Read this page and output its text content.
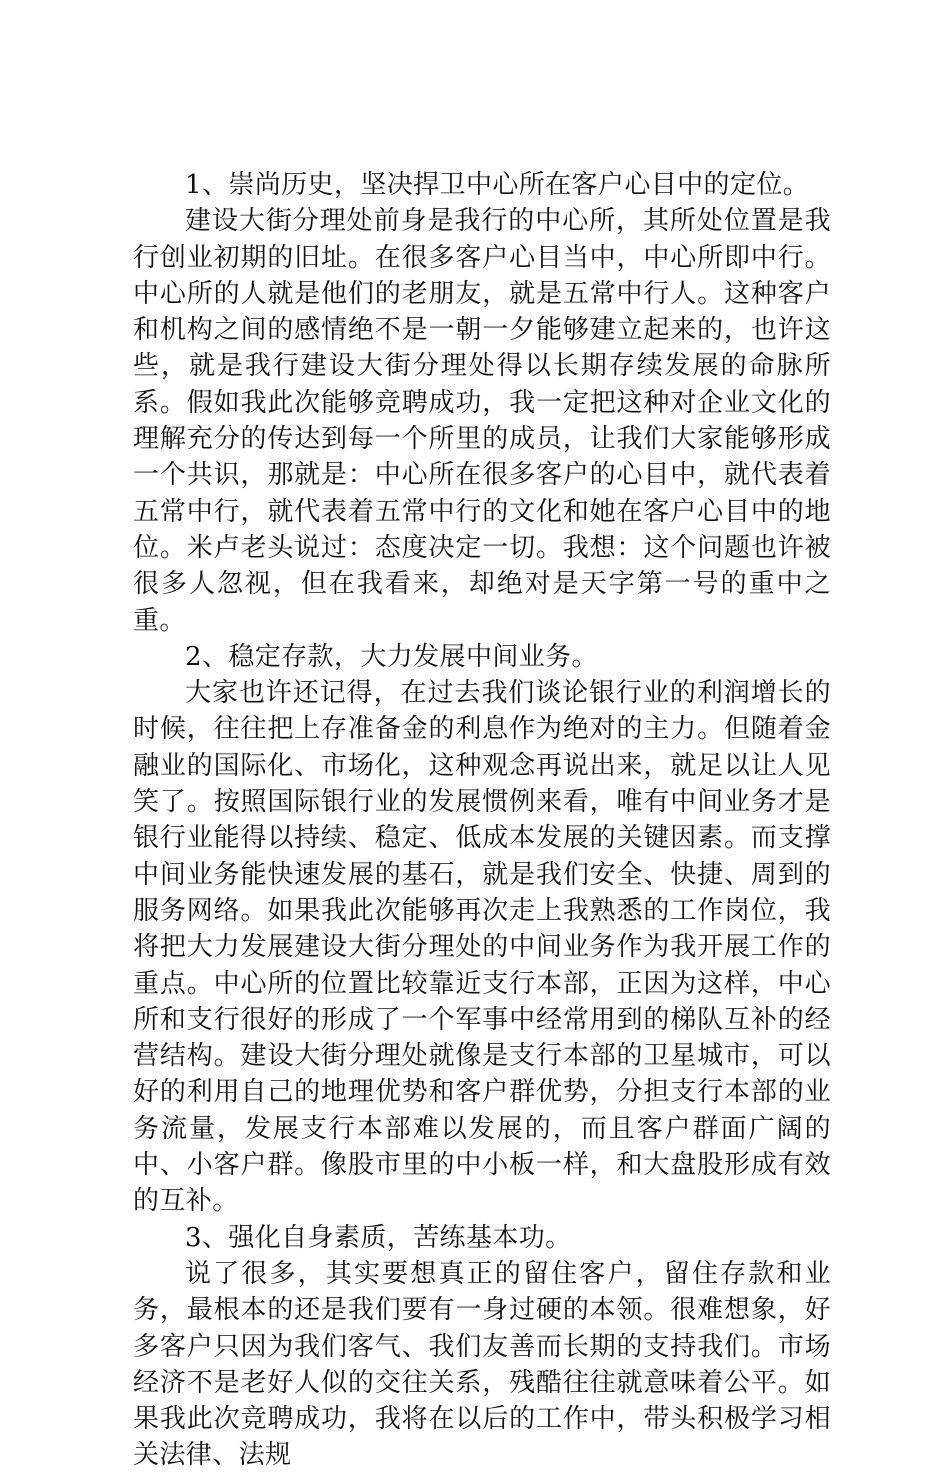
1、崇尚历史，坚决捍卫中心所在客户心目中的定位。

建设大街分理处前身是我行的中心所，其所处位置是我行创业初期的旧址。在很多客户心目当中，中心所即中行。中心所的人就是他们的老朋友，就是五常中行人。这种客户和机构之间的感情绝不是一朝一夕能够建立起来的，也许这些，就是我行建设大街分理处得以长期存续发展的命脉所系。假如我此次能够竞聘成功，我一定把这种对企业文化的理解充分的传达到每一个所里的成员，让我们大家能够形成一个共识，那就是：中心所在很多客户的心目中，就代表着五常中行，就代表着五常中行的文化和她在客户心目中的地位。米卢老头说过：态度决定一切。我想：这个问题也许被很多人忽视，但在我看来，却绝对是天字第一号的重中之重。

2、稳定存款，大力发展中间业务。

大家也许还记得，在过去我们谈论银行业的利润增长的时候，往往把上存准备金的利息作为绝对的主力。但随着金融业的国际化、市场化，这种观念再说出来，就足以让人见笑了。按照国际银行业的发展惯例来看，唯有中间业务才是银行业能得以持续、稳定、低成本发展的关键因素。而支撑中间业务能快速发展的基石，就是我们安全、快捷、周到的服务网络。如果我此次能够再次走上我熟悉的工作岗位，我将把大力发展建设大街分理处的中间业务作为我开展工作的重点。中心所的位置比较靠近支行本部，正因为这样，中心所和支行很好的形成了一个军事中经常用到的梯队互补的经营结构。建设大街分理处就像是支行本部的卫星城市，可以好的利用自己的地理优势和客户群优势，分担支行本部的业务流量，发展支行本部难以发展的，而且客户群面广阔的中、小客户群。像股市里的中小板一样，和大盘股形成有效的互补。

3、强化自身素质，苦练基本功。

说了很多，其实要想真正的留住客户，留住存款和业务，最根本的还是我们要有一身过硬的本领。很难想象，好多客户只因为我们客气、我们友善而长期的支持我们。市场经济不是老好人似的交往关系，残酷往往就意味着公平。如果我此次竞聘成功，我将在以后的工作中，带头积极学习相关法律、法规
